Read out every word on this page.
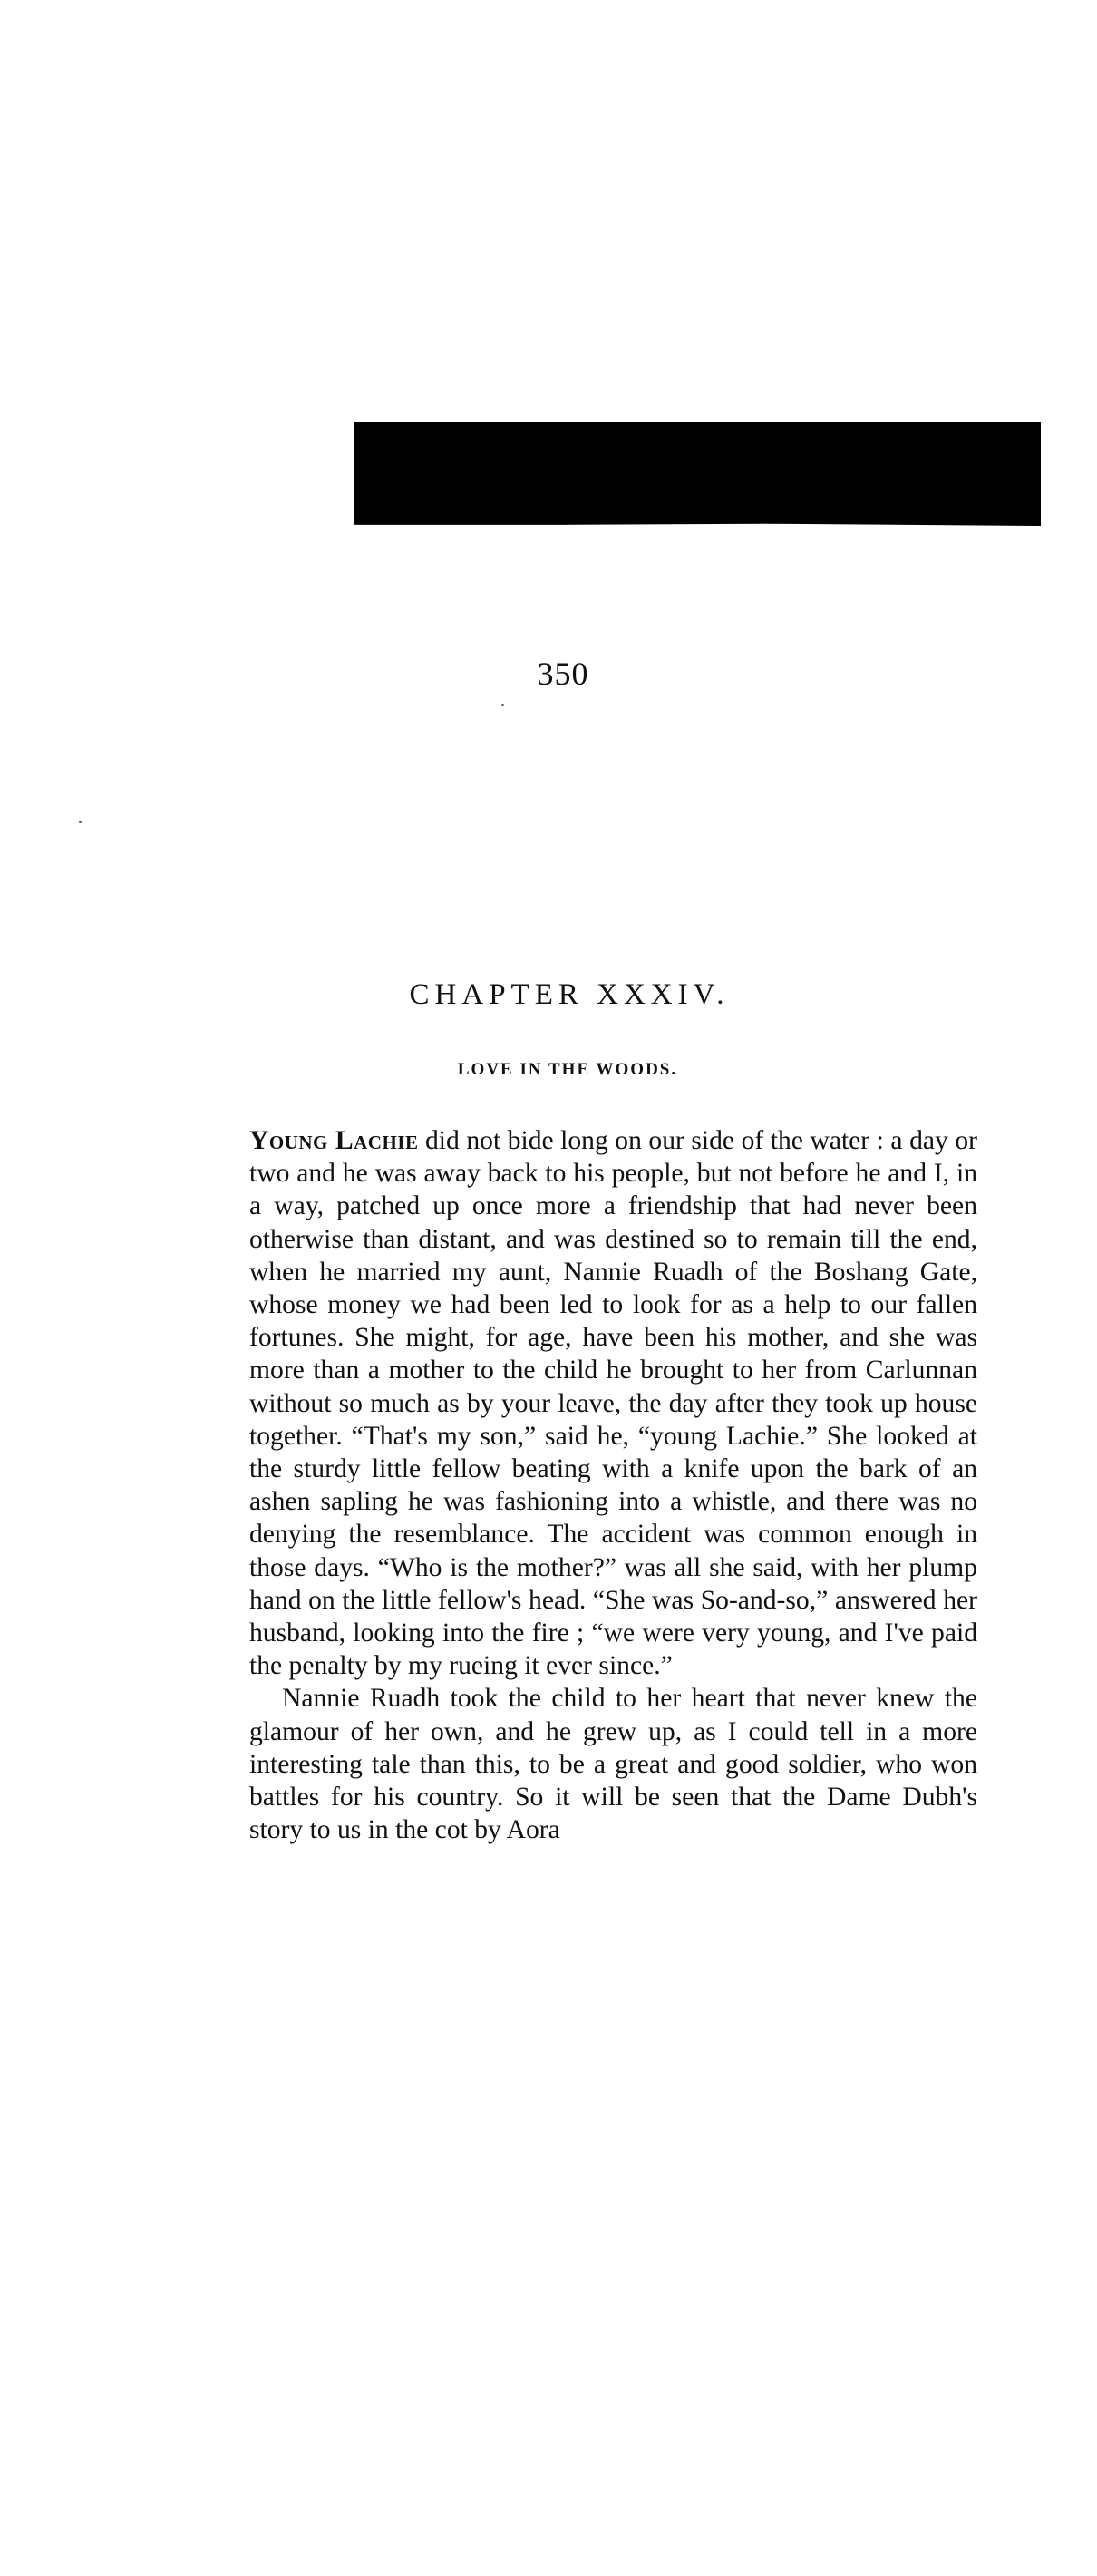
350
CHAPTER XXXIV.
LOVE IN THE WOODS.

Young Lachie did not bide long on our side of the water : a day or two and he was away back to his people, but not before he and I, in a way, patched up once more a friendship that had never been otherwise than distant, and was destined so to remain till the end, when he married my aunt, Nannie Ruadh of the Boshang Gate, whose money we had been led to look for as a help to our fallen fortunes. She might, for age, have been his mother, and she was more than a mother to the child he brought to her from Carlunnan without so much as by your leave, the day after they took up house together. “That's my son,” said he, “young Lachie.” She looked at the sturdy little fellow beating with a knife upon the bark of an ashen sapling he was fashioning into a whistle, and there was no denying the resemblance. The accident was common enough in those days. “Who is the mother?” was all she said, with her plump hand on the little fellow's head. “She was So-and-so,” answered her husband, looking into the fire ; “we were very young, and I've paid the penalty by my rueing it ever since.”

Nannie Ruadh took the child to her heart that never knew the glamour of her own, and he grew up, as I could tell in a more interesting tale than this, to be a great and good soldier, who won battles for his country. So it will be seen that the Dame Dubh's story to us in the cot by Aora
